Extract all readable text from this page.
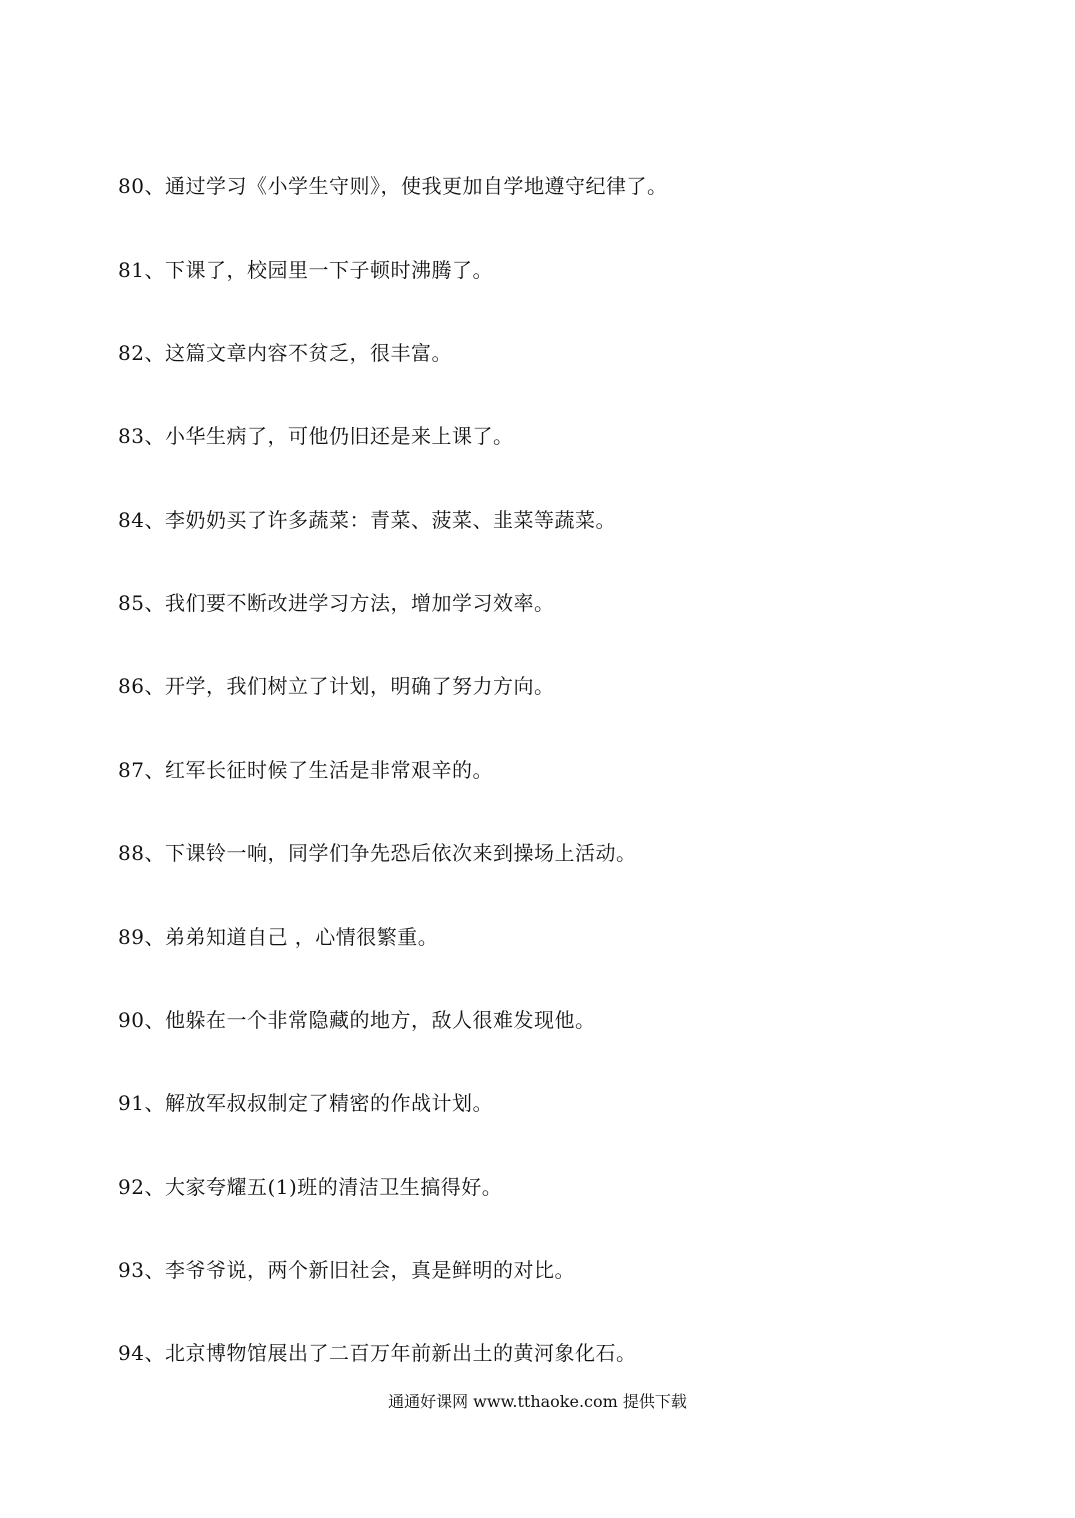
80、通过学习《小学生守则》，使我更加自学地遵守纪律了。
81、下课了，校园里一下子顿时沸腾了。
82、这篇文章内容不贫乏，很丰富。
83、小华生病了，可他仍旧还是来上课了。
84、李奶奶买了许多蔬菜：青菜、菠菜、韭菜等蔬菜。
85、我们要不断改进学习方法，增加学习效率。
86、开学，我们树立了计划，明确了努力方向。
87、红军长征时候了生活是非常艰辛的。
88、下课铃一响，同学们争先恐后依次来到操场上活动。
89、弟弟知道自己 ，心情很繁重。
90、他躲在一个非常隐藏的地方，敌人很难发现他。
91、解放军叔叔制定了精密的作战计划。
92、大家夸耀五(1)班的清洁卫生搞得好。
93、李爷爷说，两个新旧社会，真是鲜明的对比。
94、北京博物馆展出了二百万年前新出土的黄河象化石。
通通好课网 www.tthaoke.com 提供下载
